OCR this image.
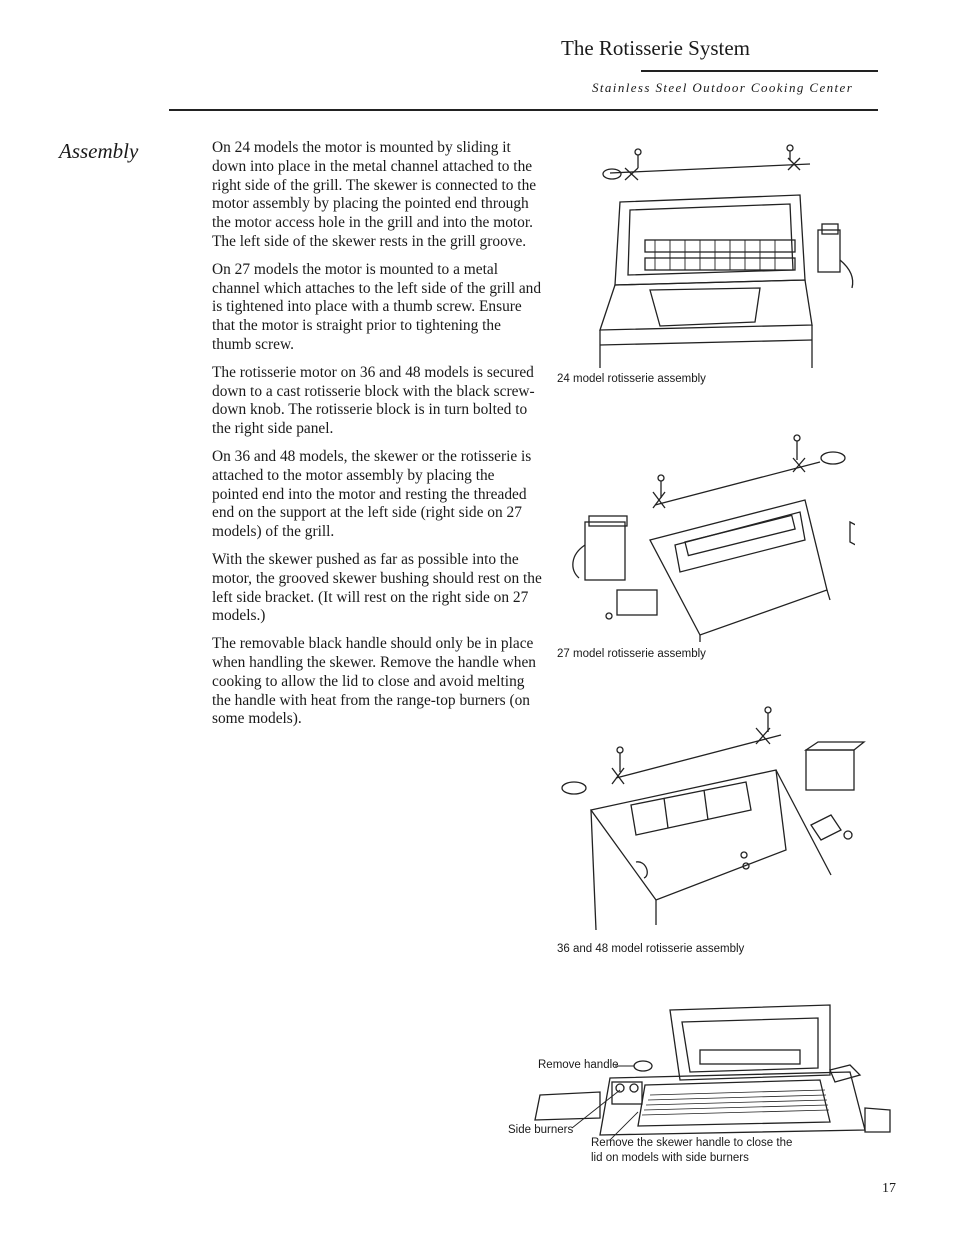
The Rotisserie System
Stainless Steel Outdoor Cooking Center
Assembly	On 24 models the motor is mounted by sliding it down into place in the metal channel attached to the right side of the grill. The skewer is connected to the motor assembly by placing the pointed end through the motor access hole in the grill and into the motor. The left side of the skewer rests in the grill groove.

On 27 models the motor is mounted to a metal channel which attaches to the left side of the grill and is tightened into place with a thumb screw. Ensure that the motor is straight prior to tightening the thumb screw.

The rotisserie motor on 36 and 48 models is secured down to a cast rotisserie block with the black screw-down knob. The rotisserie block is in turn bolted to the right side panel.

On 36 and 48 models, the skewer or the rotisserie is attached to the motor assembly by placing the pointed end into the motor and resting the threaded end on the support at the left side (right side on 27 models) of the grill.

With the skewer pushed as far as possible into the motor, the grooved skewer bushing should rest on the left side bracket. (It will rest on the right side on 27 models.)

The removable black handle should only be in place when handling the skewer. Remove the handle when cooking to allow the lid to close and avoid melting the handle with heat from the range-top burners (on some models).

24 model rotisserie assembly
27 model rotisserie assembly
36 and 48 model rotisserie assembly
Remove handle
Side burners
Remove the skewer handle to close the lid on models with side burners
17
